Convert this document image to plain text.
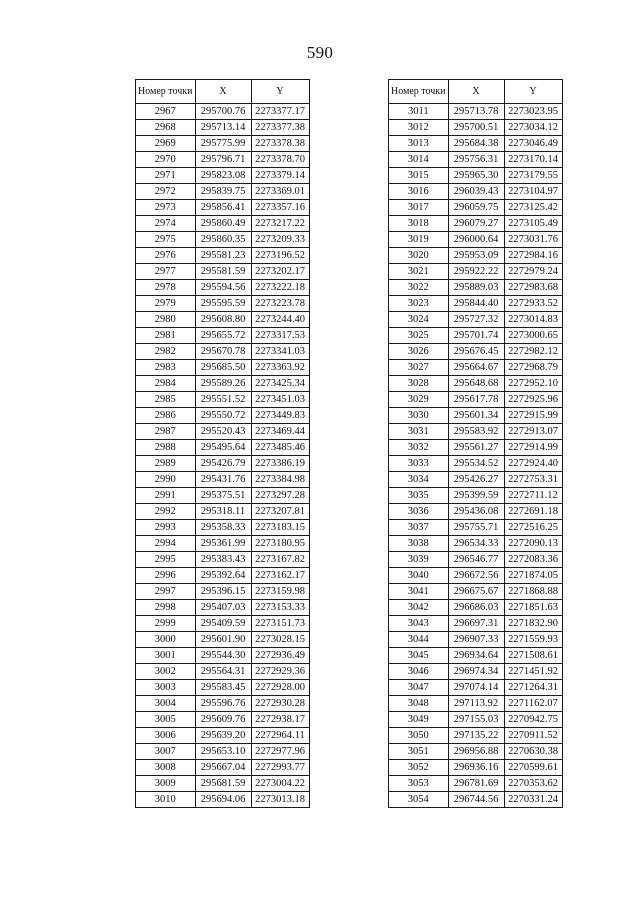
590
Номер точки	X	Y
2967	295700.76	2273377.17
2968	295713.14	2273377.38
2969	295775.99	2273378.38
2970	295796.71	2273378.70
2971	295823.08	2273379.14
2972	295839.75	2273369.01
2973	295856.41	2273357.16
2974	295860.49	2273217.22
2975	295860.35	2273209.33
2976	295581.23	2273196.52
2977	295581.59	2273202.17
2978	295594.56	2273222.18
2979	295595.59	2273223.78
2980	295608.80	2273244.40
2981	295655.72	2273317.53
2982	295670.78	2273341.03
2983	295685.50	2273363.92
2984	295589.26	2273425.34
2985	295551.52	2273451.03
2986	295550.72	2273449.83
2987	295520.43	2273469.44
2988	295495.64	2273485.46
2989	295426.79	2273386.19
2990	295431.76	2273384.98
2991	295375.51	2273297.28
2992	295318.11	2273207.81
2993	295358.33	2273183.15
2994	295361.99	2273180.95
2995	295383.43	2273167.82
2996	295392.64	2273162.17
2997	295396.15	2273159.98
2998	295407.03	2273153.33
2999	295409.59	2273151.73
3000	295601.90	2273028.15
3001	295544.30	2272936.49
3002	295564.31	2272929.36
3003	295583.45	2272928.00
3004	295596.76	2272930.28
3005	295609.76	2272938.17
3006	295639.20	2272964.11
3007	295653.10	2272977.96
3008	295667.04	2272993.77
3009	295681.59	2273004.22
3010	295694.06	2273013.18
Номер точки	X	Y
3011	295713.78	2273023.95
3012	295700.51	2273034.12
3013	295684.38	2273046.49
3014	295756.31	2273170.14
3015	295965.30	2273179.55
3016	296039.43	2273104.97
3017	296059.75	2273125.42
3018	296079.27	2273105.49
3019	296000.64	2273031.76
3020	295953.09	2272984.16
3021	295922.22	2272979.24
3022	295889.03	2272983.68
3023	295844.40	2272933.52
3024	295727.32	2273014.83
3025	295701.74	2273000.65
3026	295676.45	2272982.12
3027	295664.67	2272968.79
3028	295648.68	2272952.10
3029	295617.78	2272925.96
3030	295601.34	2272915.99
3031	295583.92	2272913.07
3032	295561.27	2272914.99
3033	295534.52	2272924.40
3034	295426.27	2272753.31
3035	295399.59	2272711.12
3036	295436.08	2272691.18
3037	295755.71	2272516.25
3038	296534.33	2272090.13
3039	296546.77	2272083.36
3040	296672.56	2271874.05
3041	296675.67	2271868.88
3042	296686.03	2271851.63
3043	296697.31	2271832.90
3044	296907.33	2271559.93
3045	296934.64	2271508.61
3046	296974.34	2271451.92
3047	297074.14	2271264.31
3048	297113.92	2271162.07
3049	297155.03	2270942.75
3050	297135.22	2270911.52
3051	296956.88	2270630.38
3052	296936.16	2270599.61
3053	296781.69	2270353.62
3054	296744.56	2270331.24
